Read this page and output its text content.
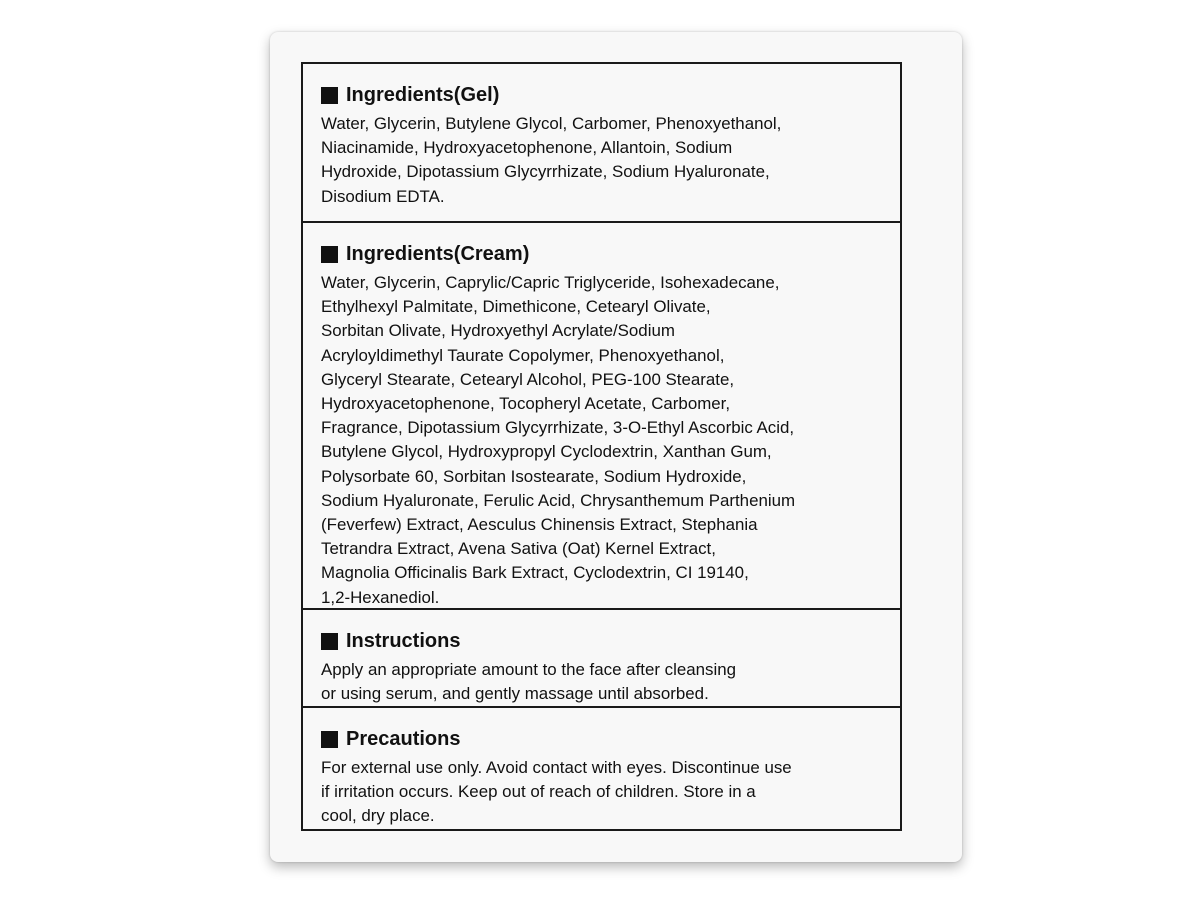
Ingredients(Gel)
Water, Glycerin, Butylene Glycol, Carbomer, Phenoxyethanol,
Niacinamide, Hydroxyacetophenone, Allantoin, Sodium
Hydroxide, Dipotassium Glycyrrhizate, Sodium Hyaluronate,
Disodium EDTA.
Ingredients(Cream)
Water, Glycerin, Caprylic/Capric Triglyceride, Isohexadecane,
Ethylhexyl Palmitate, Dimethicone, Cetearyl Olivate,
Sorbitan Olivate, Hydroxyethyl Acrylate/Sodium
Acryloyldimethyl Taurate Copolymer, Phenoxyethanol,
Glyceryl Stearate, Cetearyl Alcohol, PEG-100 Stearate,
Hydroxyacetophenone, Tocopheryl Acetate, Carbomer,
Fragrance, Dipotassium Glycyrrhizate, 3-O-Ethyl Ascorbic Acid,
Butylene Glycol, Hydroxypropyl Cyclodextrin, Xanthan Gum,
Polysorbate 60, Sorbitan Isostearate, Sodium Hydroxide,
Sodium Hyaluronate, Ferulic Acid, Chrysanthemum Parthenium
(Feverfew) Extract, Aesculus Chinensis Extract, Stephania
Tetrandra Extract, Avena Sativa (Oat) Kernel Extract,
Magnolia Officinalis Bark Extract, Cyclodextrin, CI 19140,
1,2-Hexanediol.
Instructions
Apply an appropriate amount to the face after cleansing
or using serum, and gently massage until absorbed.
Precautions
For external use only. Avoid contact with eyes. Discontinue use
if irritation occurs. Keep out of reach of children. Store in a
cool, dry place.
